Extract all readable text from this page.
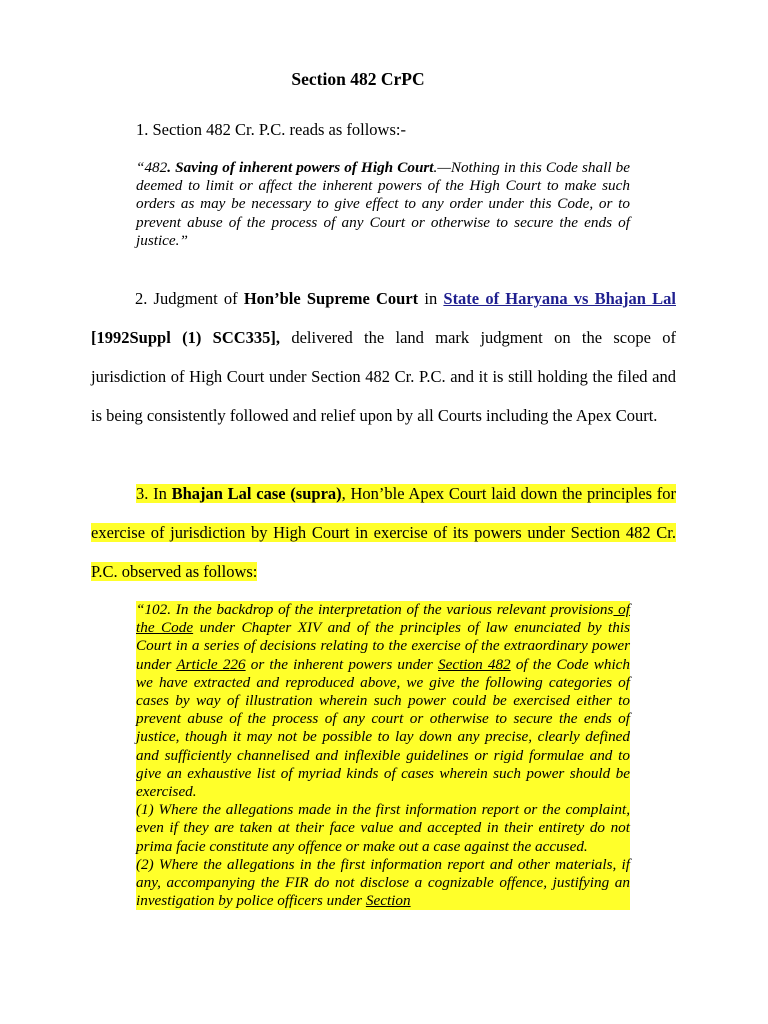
Section 482 CrPC
1. Section 482 Cr. P.C. reads as follows:-
“482. Saving of inherent powers of High Court.—Nothing in this Code shall be deemed to limit or affect the inherent powers of the High Court to make such orders as may be necessary to give effect to any order under this Code, or to prevent abuse of the process of any Court or otherwise to secure the ends of justice.”
2. Judgment of Hon’ble Supreme Court in State of Haryana vs Bhajan Lal [1992Suppl (1) SCC335], delivered the land mark judgment on the scope of jurisdiction of High Court under Section 482 Cr. P.C. and it is still holding the filed and is being consistently followed and relief upon by all Courts including the Apex Court.
3. In Bhajan Lal case (supra), Hon’ble Apex Court laid down the principles for exercise of jurisdiction by High Court in exercise of its powers under Section 482 Cr. P.C. observed as follows:
“102. In the backdrop of the interpretation of the various relevant provisions of the Code under Chapter XIV and of the principles of law enunciated by this Court in a series of decisions relating to the exercise of the extraordinary power under Article 226 or the inherent powers under Section 482 of the Code which we have extracted and reproduced above, we give the following categories of cases by way of illustration wherein such power could be exercised either to prevent abuse of the process of any court or otherwise to secure the ends of justice, though it may not be possible to lay down any precise, clearly defined and sufficiently channelised and inflexible guidelines or rigid formulae and to give an exhaustive list of myriad kinds of cases wherein such power should be exercised.
(1) Where the allegations made in the first information report or the complaint, even if they are taken at their face value and accepted in their entirety do not prima facie constitute any offence or make out a case against the accused.
(2) Where the allegations in the first information report and other materials, if any, accompanying the FIR do not disclose a cognizable offence, justifying an investigation by police officers under Section
